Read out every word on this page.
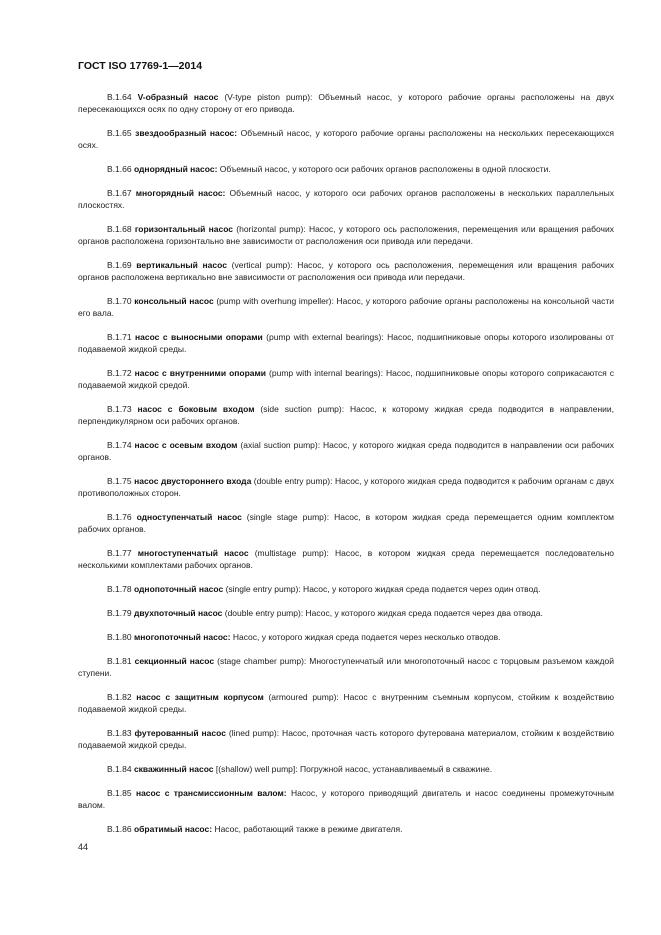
ГОСТ ISO 17769-1—2014

В.1.64 V-образный насос (V-type piston pump): Объемный насос, у которого рабочие органы расположены на двух пересекающихся осях по одну сторону от его привода.

В.1.65 звездообразный насос: Объемный насос, у которого рабочие органы расположены на нескольких пересекающихся осях.

В.1.66 однорядный насос: Объемный насос, у которого оси рабочих органов расположены в одной плоскости.

В.1.67 многорядный насос: Объемный насос, у которого оси рабочих органов расположены в нескольких параллельных плоскостях.

В.1.68 горизонтальный насос (horizontal pump): Насос, у которого ось расположения, перемещения или вращения рабочих органов расположена горизонтально вне зависимости от расположения оси привода или передачи.

В.1.69 вертикальный насос (vertical pump): Насос, у которого ось расположения, перемещения или вращения рабочих органов расположена вертикально вне зависимости от расположения оси привода или передачи.

В.1.70 консольный насос (pump with overhung impeller): Насос, у которого рабочие органы расположены на консольной части его вала.

В.1.71 насос с выносными опорами (pump with external bearings): Насос, подшипниковые опоры которого изолированы от подаваемой жидкой среды.

В.1.72 насос с внутренними опорами (pump with internal bearings): Насос, подшипниковые опоры которого соприкасаются с подаваемой жидкой средой.

В.1.73 насос с боковым входом (side suction pump): Насос, к которому жидкая среда подводится в направлении, перпендикулярном оси рабочих органов.

В.1.74 насос с осевым входом (axial suction pump): Насос, у которого жидкая среда подводится в направлении оси рабочих органов.

В.1.75 насос двустороннего входа (double entry pump): Насос, у которого жидкая среда подводится к рабочим органам с двух противоположных сторон.

В.1.76 одноступенчатый насос (single stage pump): Насос, в котором жидкая среда перемещается одним комплектом рабочих органов.

В.1.77 многоступенчатый насос (multistage pump): Насос, в котором жидкая среда перемещается последовательно несколькими комплектами рабочих органов.

В.1.78 однопоточный насос (single entry pump): Насос, у которого жидкая среда подается через один отвод.

В.1.79 двухпоточный насос (double entry pump): Насос, у которого жидкая среда подается через два отвода.

В.1.80 многопоточный насос: Насос, у которого жидкая среда подается через несколько отводов.

В.1.81 секционный насос (stage chamber pump): Многоступенчатый или многопоточный насос с торцовым разъемом каждой ступени.

В.1.82 насос с защитным корпусом (armoured pump): Насос с внутренним съемным корпусом, стойким к воздействию подаваемой жидкой среды.

В.1.83 футерованный насос (lined pump): Насос, проточная часть которого футерована материалом, стойким к воздействию подаваемой жидкой среды.

В.1.84 скважинный насос [(shallow) well pump]: Погружной насос, устанавливаемый в скважине.

В.1.85 насос с трансмиссионным валом: Насос, у которого приводящий двигатель и насос соединены промежуточным валом.

В.1.86 обратимый насос: Насос, работающий также в режиме двигателя.

44
